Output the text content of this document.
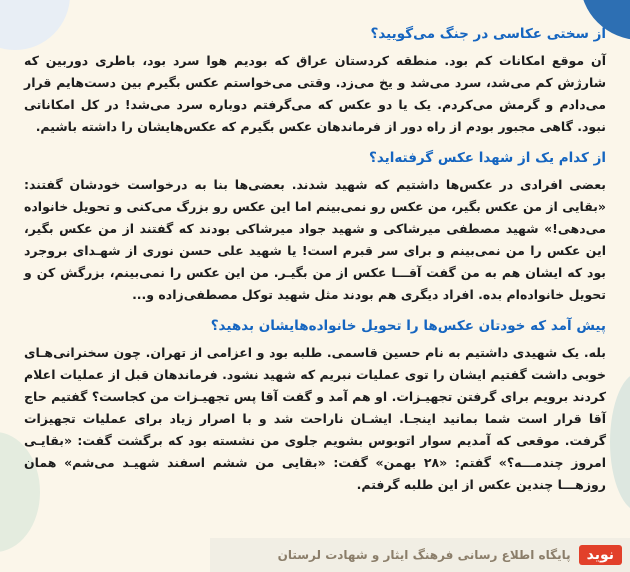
از سختی عکاسی در جنگ می‌گویید؟

آن موقع امکانات کم بود. منطقه کردستان عراق که بودیم هوا سرد بود، باطری دوربین که شارژش کم می‌شد، سرد می‌شد و یخ می‌زد. وقتی می‌خواستم عکس بگیرم بین دست‌هایم قرار می‌دادم و گرمش می‌کردم. یک یا دو عکس که می‌گرفتم دوباره سرد می‌شد! در کل امکاناتی نبود. گاهی مجبور بودم از راه دور از فرماندهان عکس بگیرم که عکس‌هایشان را داشته باشیم.

از کدام یک از شهدا عکس گرفته‌اید؟

بعضی افرادی در عکس‌ها داشتیم که شهید شدند. بعضی‌ها بنا به درخواست خودشان گفتند: «بقایی از من عکس بگیر، من عکس رو نمی‌بینم اما این عکس رو بزرگ می‌کنی و تحویل خانواده می‌دهی!» شهید مصطفی میرشاکی و شهید جواد میرشاکی بودند که گفتند از من عکس بگیر، این عکس را من نمی‌بینم و برای سر قبرم است! یا شهید علی حسن نوری از شهـدای بروجرد بود که ایشان هم به من گفت آقـــا عکس از من بگیـر. من این عکس را نمی‌بینم، بزرگش کن و تحویل خانواده‌ام بده. افراد دیگری هم بودند مثل شهید توکل مصطفی‌زاده و...

پیش آمد که خودتان عکس‌ها را تحویل خانواده‌هایشان بدهید؟

بله. یک شهیدی داشتیم به نام حسین قاسمی. طلبه بود و اعزامی از تهران. چون سخنرانی‌هـای خوبی داشت گفتیم ایشان را توی عملیات نبریم که شهید نشود. فرماندهان قبل از عملیات اعلام کردند برویم برای گرفتن تجهیـزات. او هم آمد و گفت آقا پس تجهیـزات من کجاست؟ گفتیم حاج آقا قرار است شما بمانید اینجـا. ایشـان ناراحت شد و با اصرار زیاد برای عملیات تجهیزات گرفت. موقعی که آمدیم سوار اتوبوس بشویم جلوی من نشسته بود که برگشت گفت: «بقایـی امروز چندمـــه؟» گفتم: «۲۸ بهمن» گفت: «بقایی من ششم اسفند شهیـد می‌شم» همان روزهـــا چندین عکس از این طلبه گرفتم.

نوید
پایگاه اطلاع رسانی فرهنگ ایثار و شهادت لرستان
